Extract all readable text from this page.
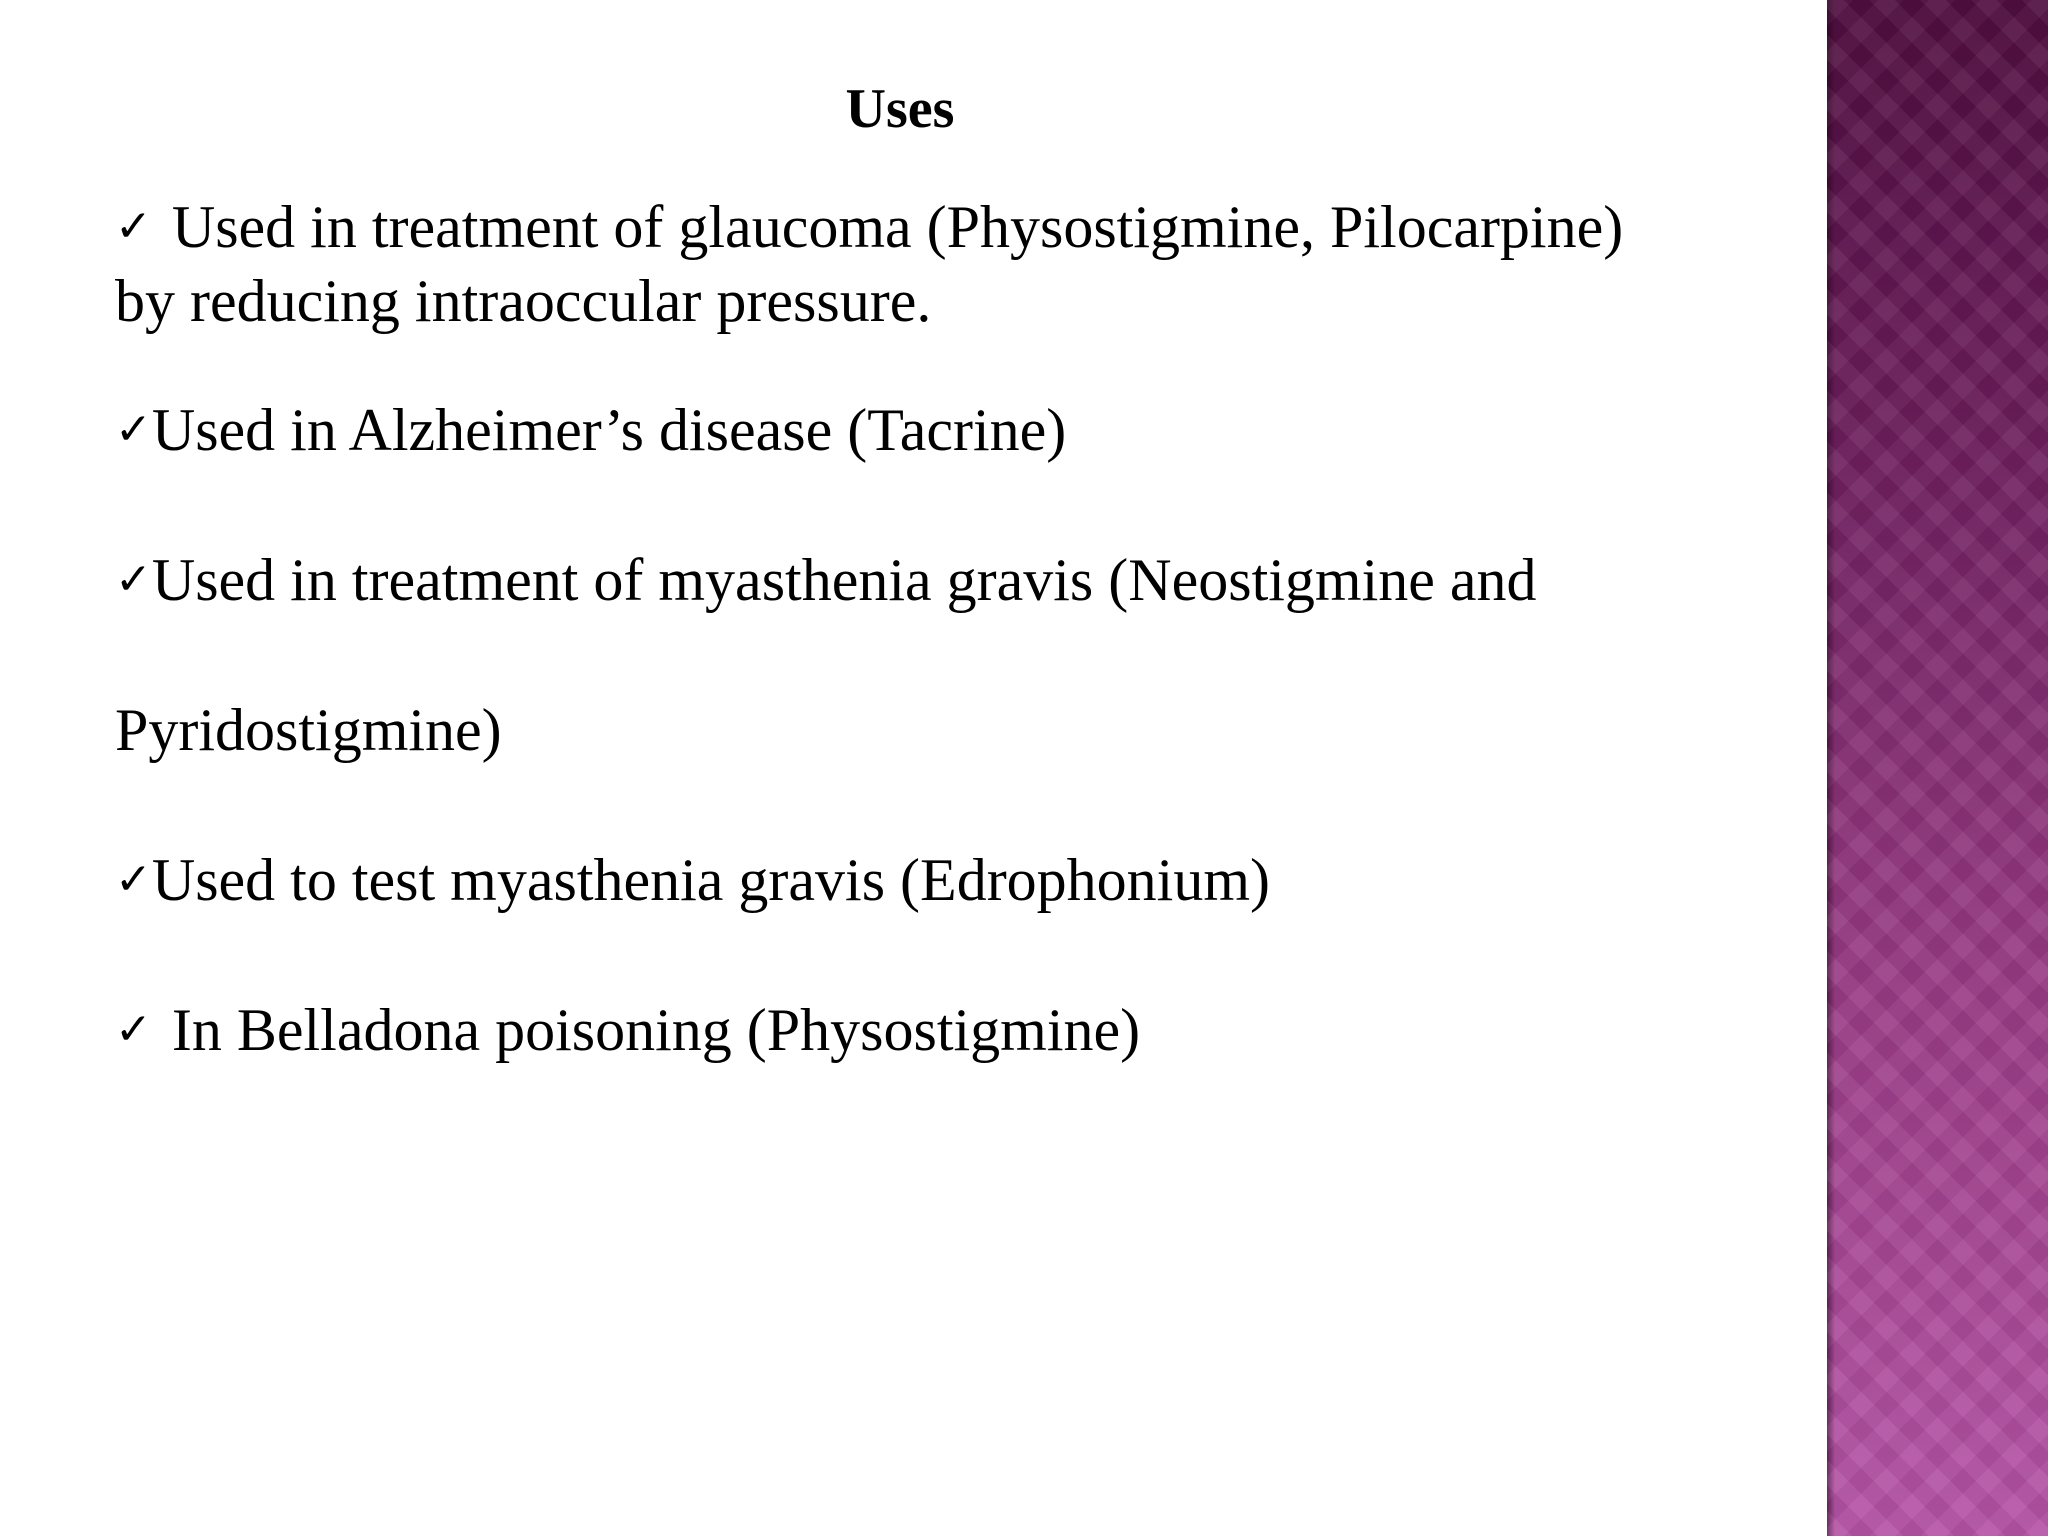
Uses
✓ Used in treatment of glaucoma (Physostigmine, Pilocarpine)
by reducing intraoccular pressure.
✓Used in Alzheimer’s disease (Tacrine)
✓Used in treatment of myasthenia gravis (Neostigmine and
Pyridostigmine)
✓Used to test myasthenia gravis (Edrophonium)
✓ In Belladona poisoning (Physostigmine)
